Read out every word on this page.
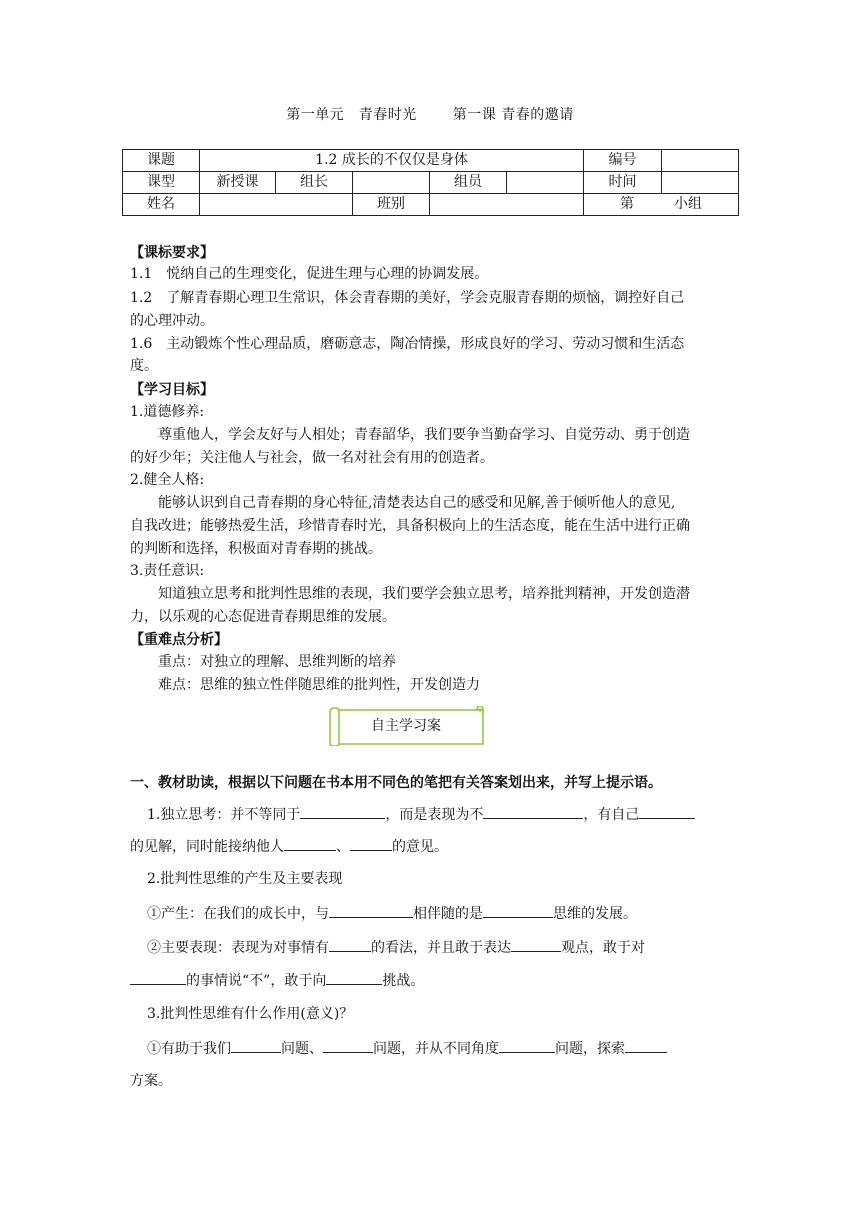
第一单元　青春时光	第一课 青春的邀请
课题	1.2 成长的不仅仅是身体					编号	
课型	新授课	组长		组员		时间	
姓名			班别			第 小组	
【课标要求】
1.1　悦纳自己的生理变化，促进生理与心理的协调发展。
1.2　了解青春期心理卫生常识，体会青春期的美好，学会克服青春期的烦恼，调控好自己
的心理冲动。
1.6　主动锻炼个性心理品质，磨砺意志，陶冶情操，形成良好的学习、劳动习惯和生活态
度。
【学习目标】
1.道德修养:
尊重他人，学会友好与人相处；青春韶华，我们要争当勤奋学习、自觉劳动、勇于创造
的好少年；关注他人与社会，做一名对社会有用的创造者。
2.健全人格:
能够认识到自己青春期的身心特征,清楚表达自己的感受和见解,善于倾听他人的意见,
自我改进；能够热爱生活，珍惜青春时光，具备积极向上的生活态度，能在生活中进行正确
的判断和选择，积极面对青春期的挑战。
3.责任意识:
知道独立思考和批判性思维的表现，我们要学会独立思考，培养批判精神，开发创造潜
力，以乐观的心态促进青春期思维的发展。
【重难点分析】
重点：对独立的理解、思维判断的培养
难点：思维的独立性伴随思维的批判性，开发创造力
自主学习案
一、教材助读，根据以下问题在书本用不同色的笔把有关答案划出来，并写上提示语。
1.独立思考：并不等同于	，而是表现为不	，有自己
的见解，同时能接纳他人	、	的意见。
2.批判性思维的产生及主要表现
①产生：在我们的成长中，与	相伴随的是	思维的发展。
②主要表现：表现为对事情有	的看法，并且敢于表达	观点，敢于对
的事情说“不”，敢于向	挑战。
3.批判性思维有什么作用(意义)？
①有助于我们	问题、	问题，并从不同角度	问题，探索
方案。
